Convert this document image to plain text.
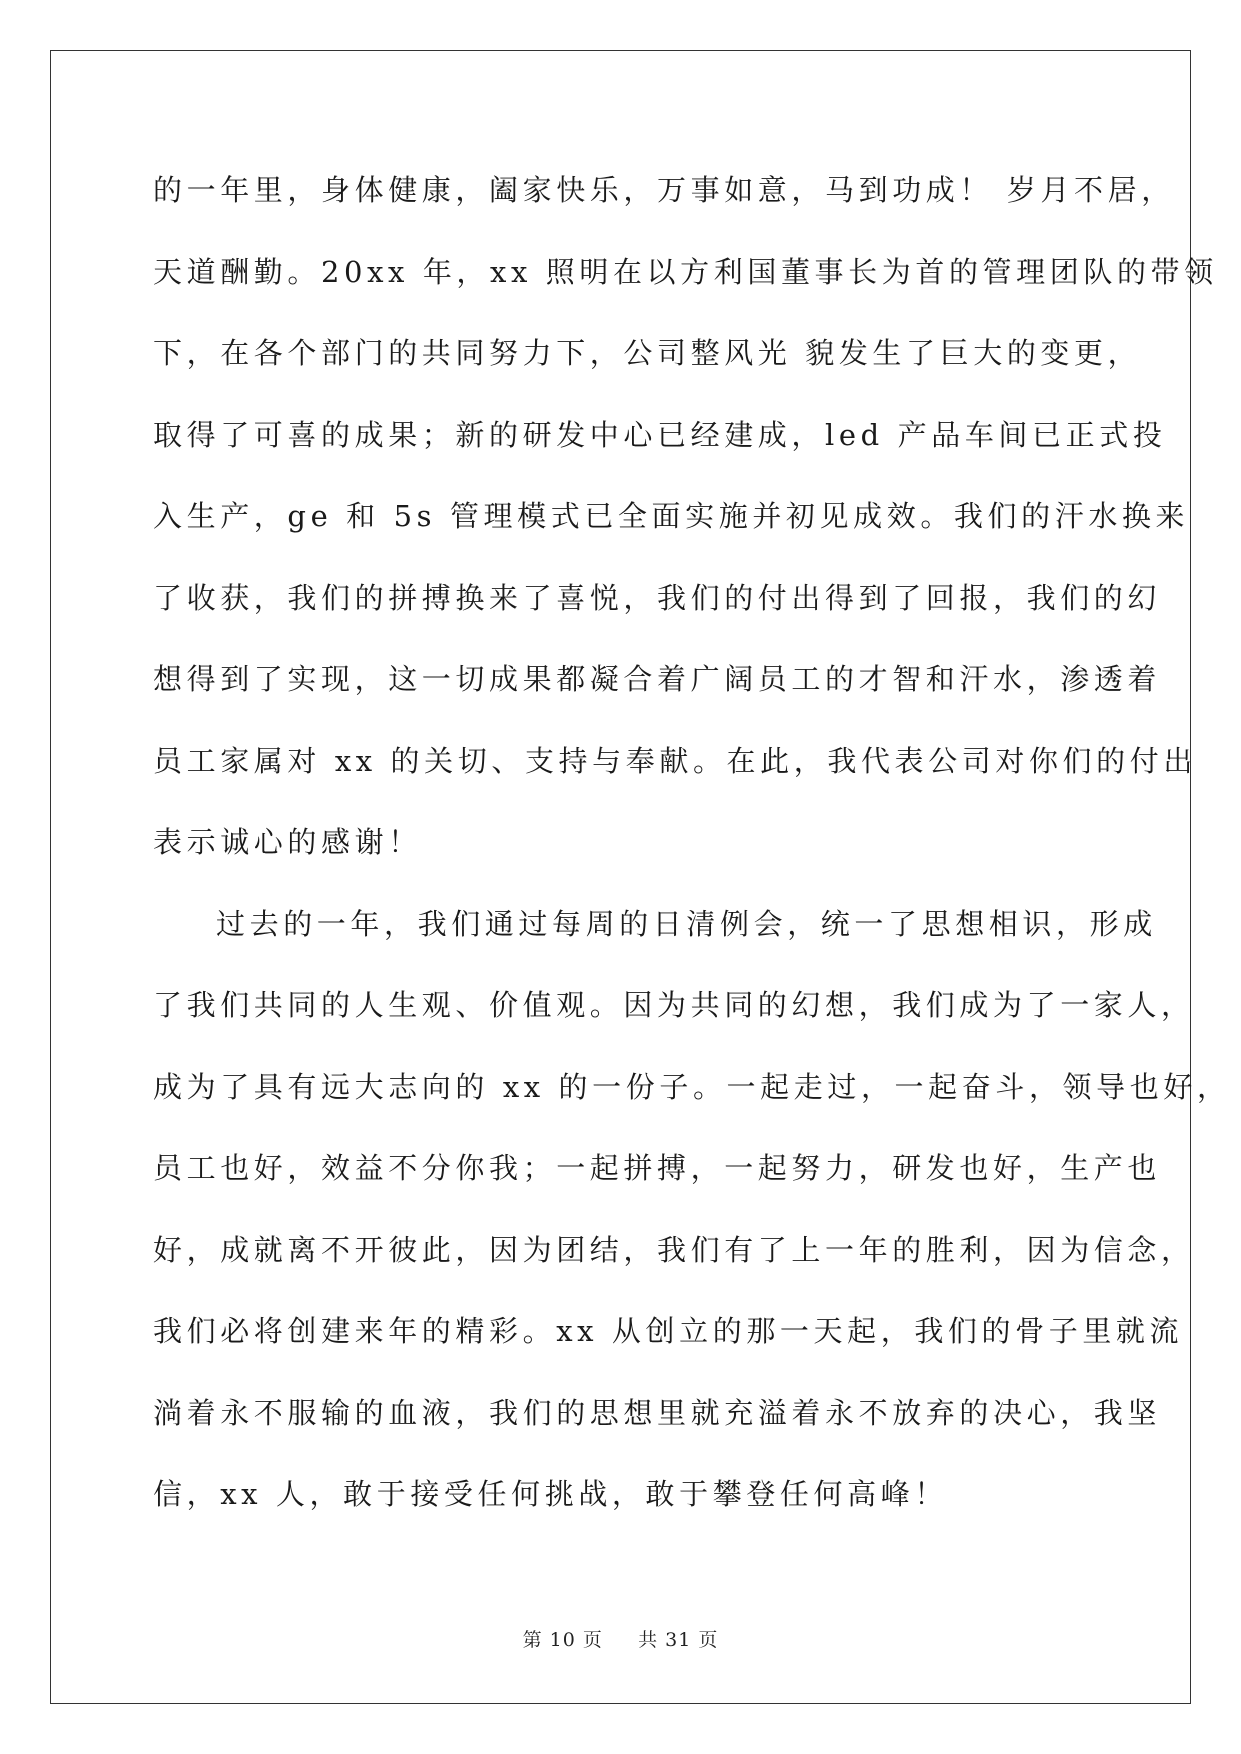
的一年里，身体健康，阖家快乐，万事如意，马到功成！ 岁月不居，
天道酬勤。20xx 年，xx 照明在以方利国董事长为首的管理团队的带领
下，在各个部门的共同努力下，公司整风光 貌发生了巨大的变更，
取得了可喜的成果；新的研发中心已经建成，led 产品车间已正式投
入生产，ge 和 5s 管理模式已全面实施并初见成效。我们的汗水换来
了收获，我们的拼搏换来了喜悦，我们的付出得到了回报，我们的幻
想得到了实现，这一切成果都凝合着广阔员工的才智和汗水，渗透着
员工家属对 xx 的关切、支持与奉献。在此，我代表公司对你们的付出
表示诚心的感谢！
过去的一年，我们通过每周的日清例会，统一了思想相识，形成
了我们共同的人生观、价值观。因为共同的幻想，我们成为了一家人，
成为了具有远大志向的 xx 的一份子。一起走过，一起奋斗，领导也好，
员工也好，效益不分你我；一起拼搏，一起努力，研发也好，生产也
好，成就离不开彼此，因为团结，我们有了上一年的胜利，因为信念，
我们必将创建来年的精彩。xx 从创立的那一天起，我们的骨子里就流
淌着永不服输的血液，我们的思想里就充溢着永不放弃的决心，我坚
信，xx 人，敢于接受任何挑战，敢于攀登任何高峰！
第 10 页 共 31 页
